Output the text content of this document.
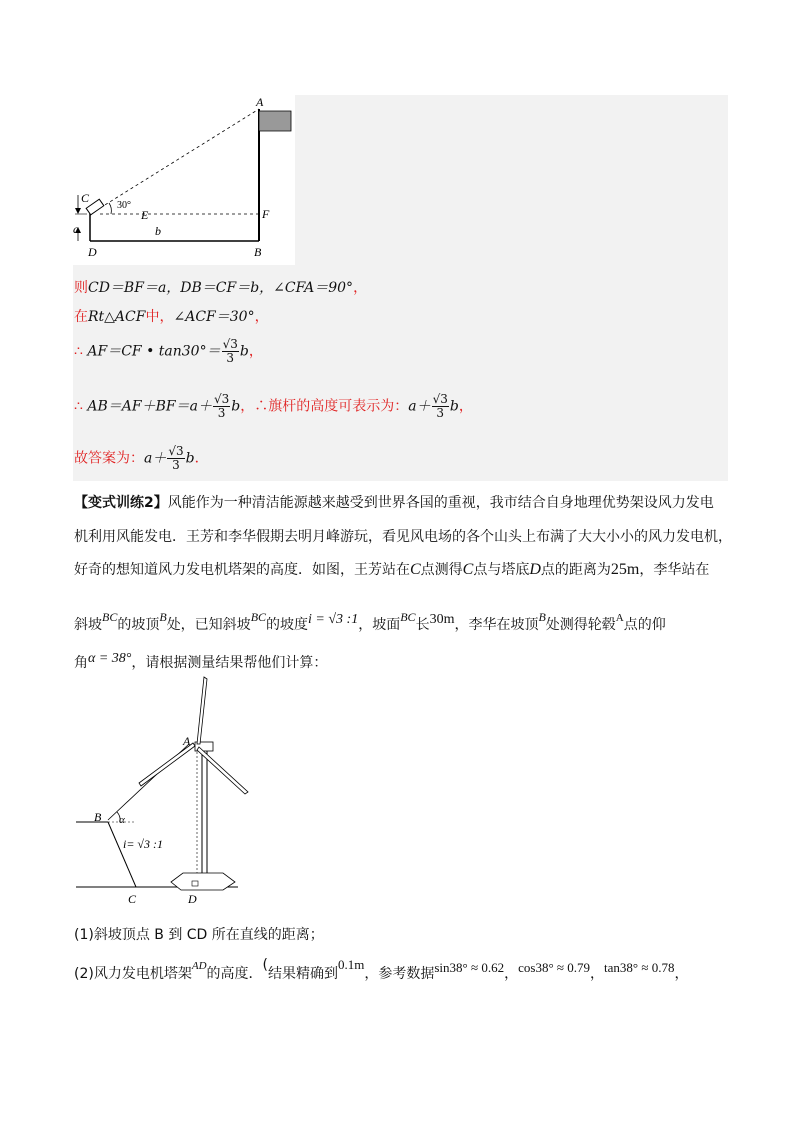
A
B
C
D
E	F
a	b
30°
则CD＝BF＝a，DB＝CF＝b，∠CFA＝90°，
在Rt△ACF中，∠ACF＝30°，
∴ AF＝CF • $\tan 30^\circ= \frac{√3}{3}$ b，
∴ $AB=AF+BF=a+ \frac{√3}{3}$ b，∴旗杆的高度可表示为：$a+ \frac{√3}{3}$ b，
故答案为：$a+ \frac{√3}{3}$ b．
【变式训练2】风能作为一种清洁能源越来越受到世界各国的重视，我市结合自身地理优势架设风力发电
机利用风能发电．王芳和李华假期去明月峰游玩，看见风电场的各个山头上布满了大大小小的风力发电机，
好奇的想知道风力发电机塔架的高度．如图，王芳站在C点测得C点与塔底D点的距离为25m，李华站在
斜坡BC的坡顶B处，已知斜坡BC的坡度i = √3 :1，坡面BC长30m，李华在坡顶B处测得轮毂$^A$点的仰
角α = 38°，请根据测量结果帮他们计算：
A
B
C	D
α
i= √3 :1
(1)斜坡顶点 B 到 CD 所在直线的距离；
(2)风力发电机塔架$^{AD}$的高度．(结果精确到0.1m，参考数据sin38° ≈ 0.62，cos38° ≈ 0.79，tan38° ≈ 0.78，
